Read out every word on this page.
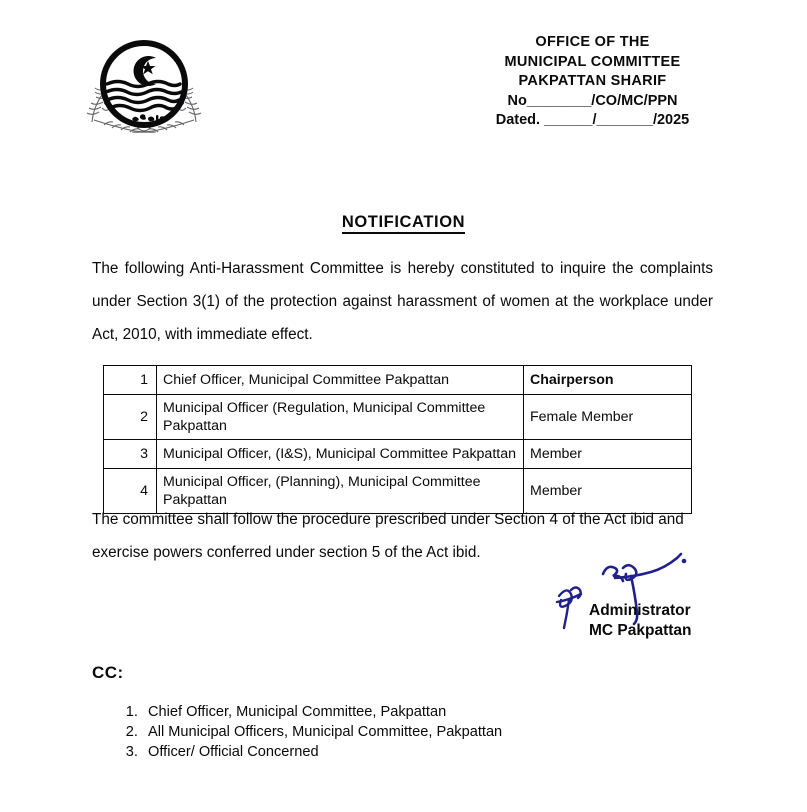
OFFICE OF THE
MUNICIPAL COMMITTEE
PAKPATTAN SHARIF
No________/CO/MC/PPN
Dated. ______/_______/2025
NOTIFICATION
The following Anti-Harassment Committee is hereby constituted to inquire the complaints under Section 3(1) of the protection against harassment of women at the workplace under Act, 2010, with immediate effect.
1	Chief Officer, Municipal Committee Pakpattan	Chairperson
2	Municipal Officer (Regulation, Municipal Committee Pakpattan	Female Member
3	Municipal Officer, (I&S), Municipal Committee Pakpattan	Member
4	Municipal Officer, (Planning), Municipal Committee Pakpattan	Member
The committee shall follow the procedure prescribed under Section 4 of the Act ibid and exercise powers conferred under section 5 of the Act ibid.
Administrator
MC Pakpattan
CC:
1. Chief Officer, Municipal Committee, Pakpattan
2. All Municipal Officers, Municipal Committee, Pakpattan
3. Officer/ Official Concerned
